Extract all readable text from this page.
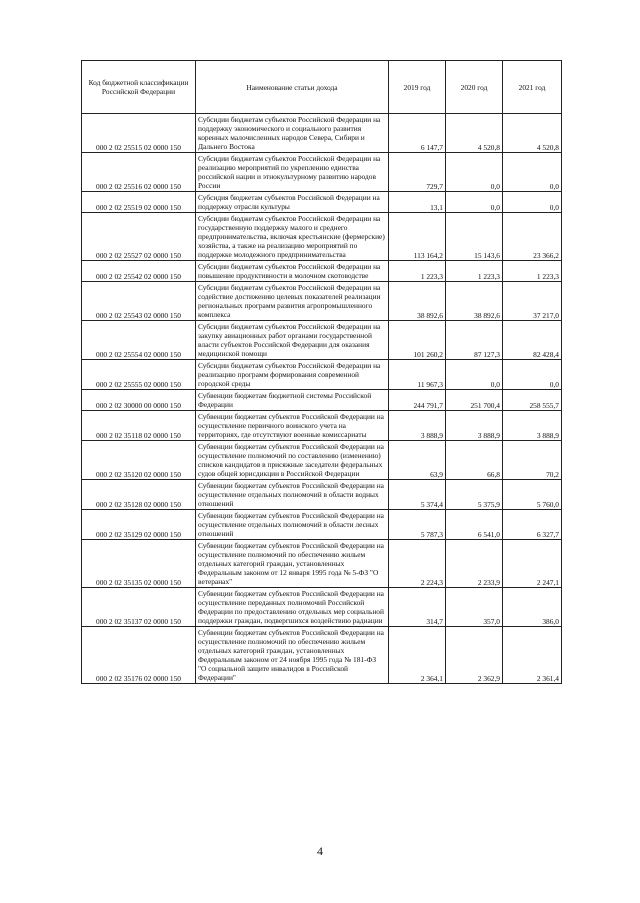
Код бюджетной классификации Российской Федерации	Наименование статьи дохода	2019 год	2020 год	2021 год
000 2 02 25515 02 0000 150	Субсидии бюджетам субъектов Российской Федерации на поддержку экономического и социального развития коренных малочисленных народов Севера, Сибири и Дальнего Востока	6 147,7	4 520,8	4 520,8
000 2 02 25516 02 0000 150	Субсидии бюджетам субъектов Российской Федерации на реализацию мероприятий по укреплению единства российской нации и этнокультурному развитию народов России	729,7	0,0	0,0
000 2 02 25519 02 0000 150	Субсидия бюджетам субъектов Российской Федерации на поддержку отрасли культуры	13,1	0,0	0,0
000 2 02 25527 02 0000 150	Субсидии бюджетам субъектов Российской Федерации на государственную поддержку малого и среднего предпринимательства, включая крестьянские (фермерские) хозяйства, а также на реализацию мероприятий по поддержке молодежного предпринимательства	113 164,2	15 143,6	23 366,2
000 2 02 25542 02 0000 150	Субсидии бюджетам субъектов Российской Федерации на повышение продуктивности в молочном скотоводстве	1 223,3	1 223,3	1 223,3
000 2 02 25543 02 0000 150	Субсидии бюджетам субъектов Российской Федерации на содействие достижению целевых показателей реализации региональных программ развития агропромышленного комплекса	38 892,6	38 892,6	37 217,0
000 2 02 25554 02 0000 150	Субсидии бюджетам субъектов Российской Федерации на закупку авиационных работ органами государственной власти субъектов Российской Федерации для оказания медицинской помощи	101 260,2	87 127,3	82 428,4
000 2 02 25555 02 0000 150	Субсидии бюджетам субъектов Российской Федерации на реализацию программ формирования современной городской среды	11 967,3	0,0	0,0
000 2 02 30000 00 0000 150	Субвенции бюджетам бюджетной системы Российской Федерации	244 791,7	251 700,4	258 555,7
000 2 02 35118 02 0000 150	Субвенции бюджетам субъектов Российской Федерации на осуществление первичного воинского учета на территориях, где отсутствуют военные комиссариаты	3 888,9	3 888,9	3 888,9
000 2 02 35120 02 0000 150	Субвенции бюджетам субъектов Российской Федерации на осуществление полномочий по составлению (изменению) списков кандидатов в присяжные заседатели федеральных судов общей юрисдикции в Российской Федерации	63,9	66,8	70,2
000 2 02 35128 02 0000 150	Субвенции бюджетам субъектов Российской Федерации на осуществление отдельных полномочий в области водных отношений	5 374,4	5 375,9	5 760,0
000 2 02 35129 02 0000 150	Субвенции бюджетам субъектов Российской Федерации на осуществление отдельных полномочий в области лесных отношений	5 787,3	6 541,0	6 327,7
000 2 02 35135 02 0000 150	Субвенции бюджетам субъектов Российской Федерации на осуществление полномочий по обеспечению жильем отдельных категорий граждан, установленных Федеральным законом от 12 января 1995 года № 5-ФЗ "О ветеранах"	2 224,3	2 233,9	2 247,1
000 2 02 35137 02 0000 150	Субвенции бюджетам субъектов Российской Федерации на осуществление переданных полномочий Российской Федерации по предоставлению отдельных мер социальной поддержки граждан, подвергшихся воздействию радиации	314,7	357,0	386,0
000 2 02 35176 02 0000 150	Субвенции бюджетам субъектов Российской Федерации на осуществление полномочий по обеспечению жильем отдельных категорий граждан, установленных Федеральным законом от 24 ноября 1995 года № 181-ФЗ "О социальной защите инвалидов в Российской Федерации"	2 364,1	2 362,9	2 361,4
4
